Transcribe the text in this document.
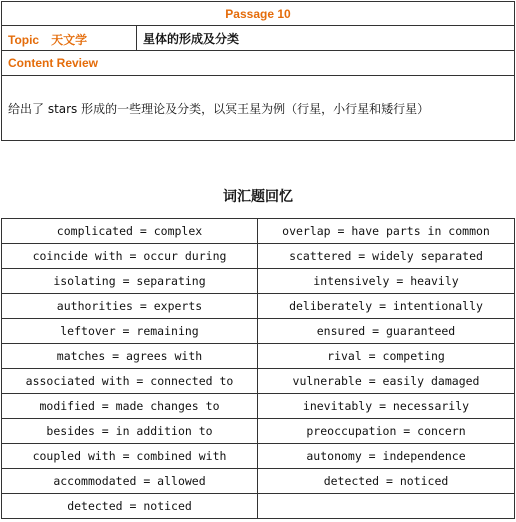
Passage 10
Topic 天文学	星体的形成及分类
Content Review
给出了 stars 形成的一些理论及分类，以冥王星为例（行星，小行星和矮行星）
词汇题回忆
complicated = complex	overlap = have parts in common
coincide with = occur during	scattered = widely separated
isolating = separating	intensively = heavily
authorities = experts	deliberately = intentionally
leftover = remaining	ensured = guaranteed
matches = agrees with	rival = competing
associated with = connected to	vulnerable = easily damaged
modified = made changes to	inevitably = necessarily
besides = in addition to	preoccupation = concern
coupled with = combined with	autonomy = independence
accommodated = allowed	detected = noticed
detected = noticed	
